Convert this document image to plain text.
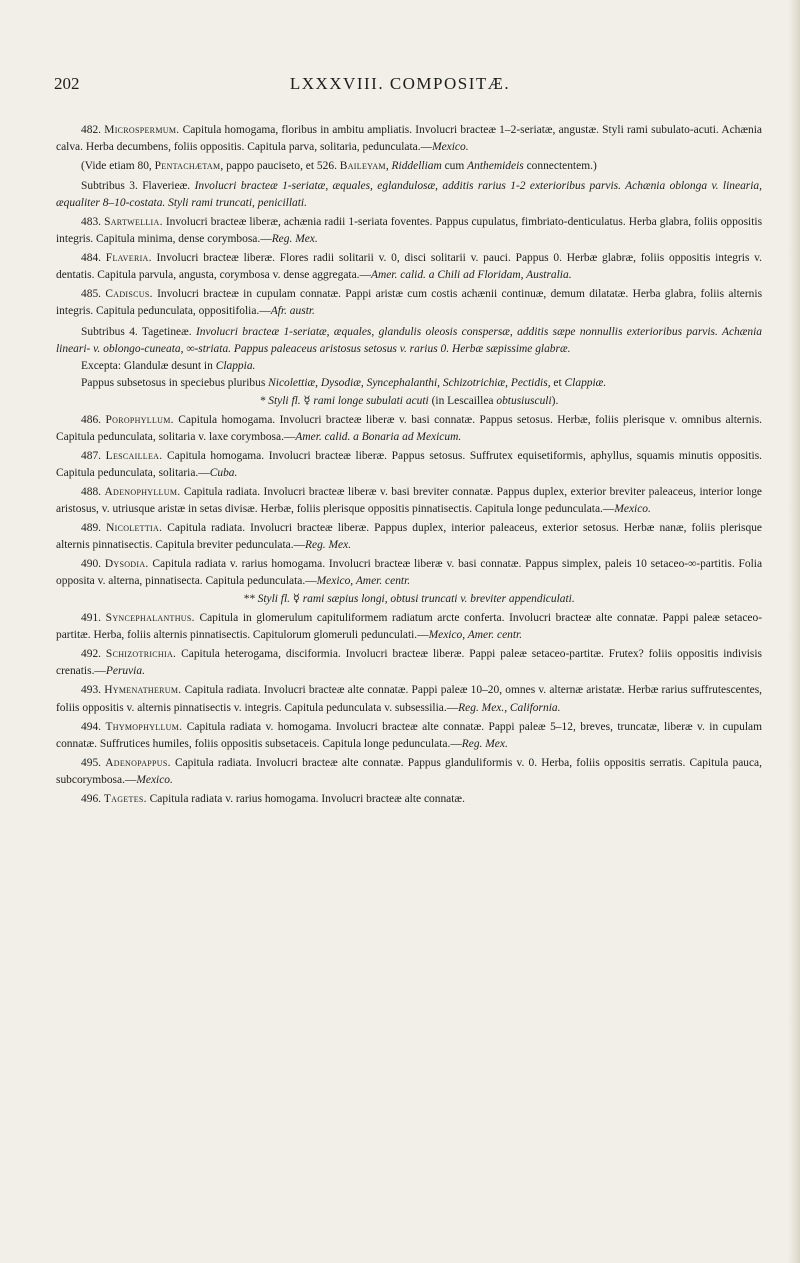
202	LXXXVIII. COMPOSITÆ.

482. Microspermum. Capitula homogama, floribus in ambitu ampliatis. Involucri bracteæ 1–2-seriatæ, angustæ. Styli rami subulato-acuti. Achænia calva. Herba decumbens, foliis oppositis. Capitula parva, solitaria, pedunculata.—Mexico.

(Vide etiam 80, Pentachætam, pappo pauciseto, et 526. Baileyam, Riddelliam cum Anthemideis connectentem.)

Subtribus 3. Flaverieæ. Involucri bracteæ 1-seriatæ, æquales, eglandulosæ, additis rarius 1-2 exterioribus parvis. Achænia oblonga v. linearia, æqualiter 8–10-costata. Styli rami truncati, penicillati.

483. Sartwellia. Involucri bracteæ liberæ, achænia radii 1-seriata foventes. Pappus cupulatus, fimbriato-denticulatus. Herba glabra, foliis oppositis integris. Capitula minima, dense corymbosa.—Reg. Mex.

484. Flaveria. Involucri bracteæ liberæ. Flores radii solitarii v. 0, disci solitarii v. pauci. Pappus 0. Herbæ glabræ, foliis oppositis integris v. dentatis. Capitula parvula, angusta, corymbosa v. dense aggregata.—Amer. calid. a Chili ad Floridam, Australia.

485. Cadiscus. Involucri bracteæ in cupulam connatæ. Pappi aristæ cum costis achænii continuæ, demum dilatatæ. Herba glabra, foliis alternis integris. Capitula pedunculata, oppositifolia.—Afr. austr.

Subtribus 4. Tagetineæ. Involucri bracteæ 1-seriatæ, æquales, glandulis oleosis conspersæ, additis sæpe nonnullis exterioribus parvis. Achænia lineari- v. oblongo-cuneata, ∞-striata. Pappus paleaceus aristosus setosus v. rarius 0. Herbæ sæpissime glabræ.

Excepta: Glandulæ desunt in Clappia.

Pappus subsetosus in speciebus pluribus Nicolettiæ, Dysodiæ, Syncephalanthi, Schizotrichiæ, Pectidis, et Clappiæ.

* Styli fl. ☿ rami longe subulati acuti (in Lescaillea obtusiusculi).

486. Porophyllum. Capitula homogama. Involucri bracteæ liberæ v. basi connatæ. Pappus setosus. Herbæ, foliis plerisque v. omnibus alternis. Capitula pedunculata, solitaria v. laxe corymbosa.—Amer. calid. a Bonaria ad Mexicum.

487. Lescaillea. Capitula homogama. Involucri bracteæ liberæ. Pappus setosus. Suffrutex equisetiformis, aphyllus, squamis minutis oppositis. Capitula pedunculata, solitaria.—Cuba.

488. Adenophyllum. Capitula radiata. Involucri bracteæ liberæ v. basi breviter connatæ. Pappus duplex, exterior breviter paleaceus, interior longe aristosus, v. utriusque aristæ in setas divisæ. Herbæ, foliis plerisque oppositis pinnatisectis. Capitula longe pedunculata.—Mexico.

489. Nicolettia. Capitula radiata. Involucri bracteæ liberæ. Pappus duplex, interior paleaceus, exterior setosus. Herbæ nanæ, foliis plerisque alternis pinnatisectis. Capitula breviter pedunculata.—Reg. Mex.

490. Dysodia. Capitula radiata v. rarius homogama. Involucri bracteæ liberæ v. basi connatæ. Pappus simplex, paleis 10 setaceo-∞-partitis. Folia opposita v. alterna, pinnatisecta. Capitula pedunculata.—Mexico, Amer. centr.

** Styli fl. ☿ rami sæpius longi, obtusi truncati v. breviter appendiculati.

491. Syncephalanthus. Capitula in glomerulum capituliformem radiatum arcte conferta. Involucri bracteæ alte connatæ. Pappi paleæ setaceo-partitæ. Herba, foliis alternis pinnatisectis. Capitulorum glomeruli pedunculati.—Mexico, Amer. centr.

492. Schizotrichia. Capitula heterogama, disciformia. Involucri bracteæ liberæ. Pappi paleæ setaceo-partitæ. Frutex? foliis oppositis indivisis crenatis.—Peruvia.

493. Hymenatherum. Capitula radiata. Involucri bracteæ alte connatæ. Pappi paleæ 10–20, omnes v. alternæ aristatæ. Herbæ rarius suffrutescentes, foliis oppositis v. alternis pinnatisectis v. integris. Capitula pedunculata v. subsessilia.—Reg. Mex., California.

494. Thymophyllum. Capitula radiata v. homogama. Involucri bracteæ alte connatæ. Pappi paleæ 5–12, breves, truncatæ, liberæ v. in cupulam connatæ. Suffrutices humiles, foliis oppositis subsetaceis. Capitula longe pedunculata.—Reg. Mex.

495. Adenopappus. Capitula radiata. Involucri bracteæ alte connatæ. Pappus glanduliformis v. 0. Herba, foliis oppositis serratis. Capitula pauca, subcorymbosa.—Mexico.

496. Tagetes. Capitula radiata v. rarius homogama. Involucri bracteæ alte connatæ.
